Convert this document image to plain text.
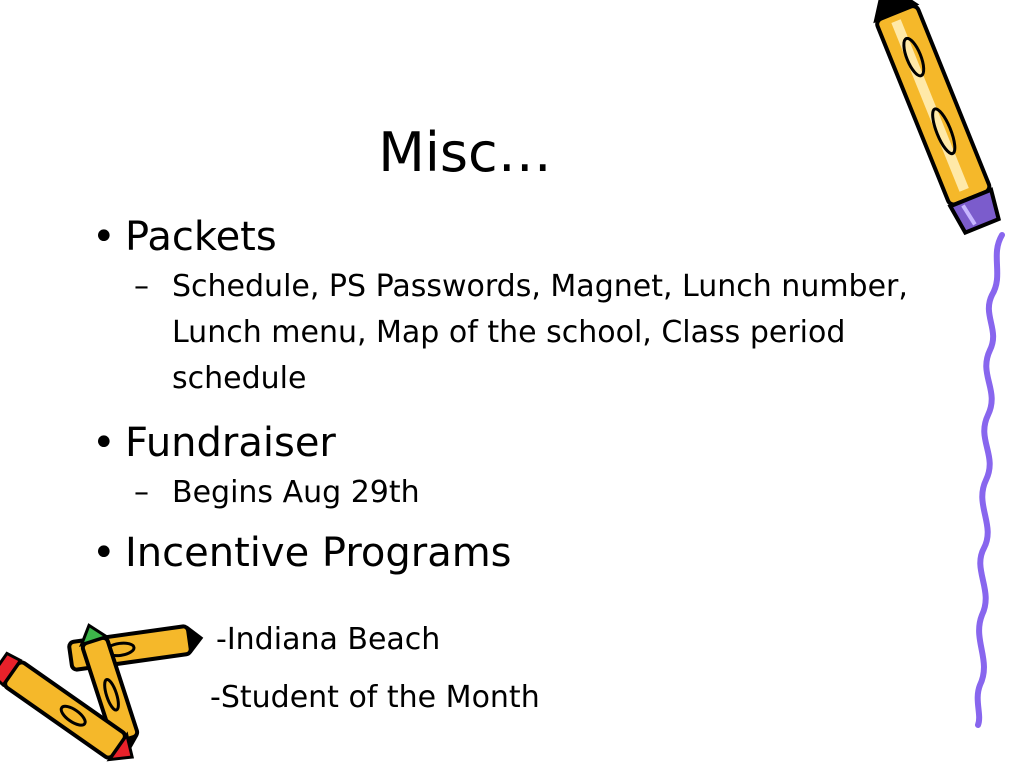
Misc…

• Packets

– Schedule, PS Passwords, Magnet, Lunch number, Lunch menu, Map of the school, Class period schedule

• Fundraiser

– Begins Aug 29th

• Incentive Programs

-Indiana Beach
-Student of the Month
